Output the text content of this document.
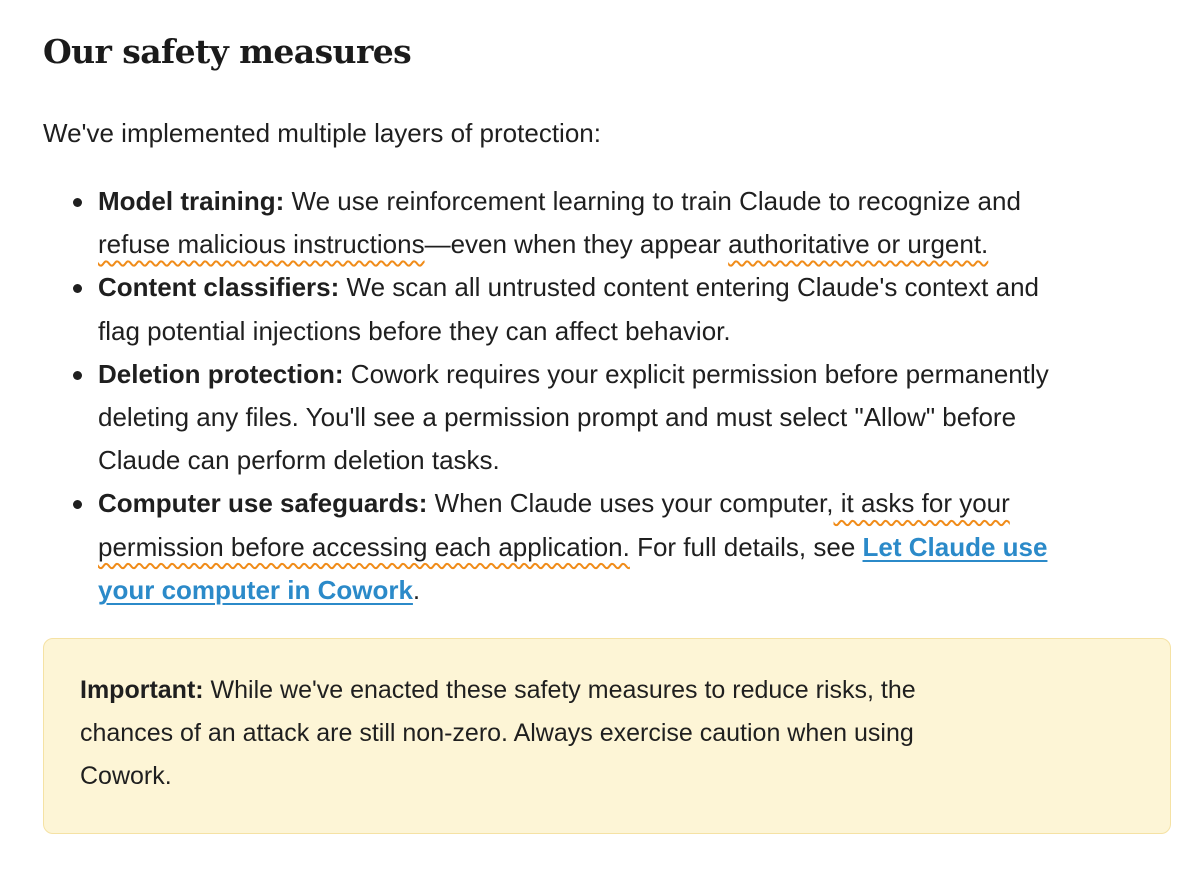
Our safety measures

We've implemented multiple layers of protection:

Model training: We use reinforcement learning to train Claude to recognize and
refuse malicious instructions—even when they appear authoritative or urgent.
Content classifiers: We scan all untrusted content entering Claude's context and
flag potential injections before they can affect behavior.
Deletion protection: Cowork requires your explicit permission before permanently
deleting any files. You'll see a permission prompt and must select "Allow" before
Claude can perform deletion tasks.
Computer use safeguards: When Claude uses your computer, it asks for your
permission before accessing each application. For full details, see Let Claude use
your computer in Cowork.

Important: While we've enacted these safety measures to reduce risks, the
chances of an attack are still non-zero. Always exercise caution when using
Cowork.
